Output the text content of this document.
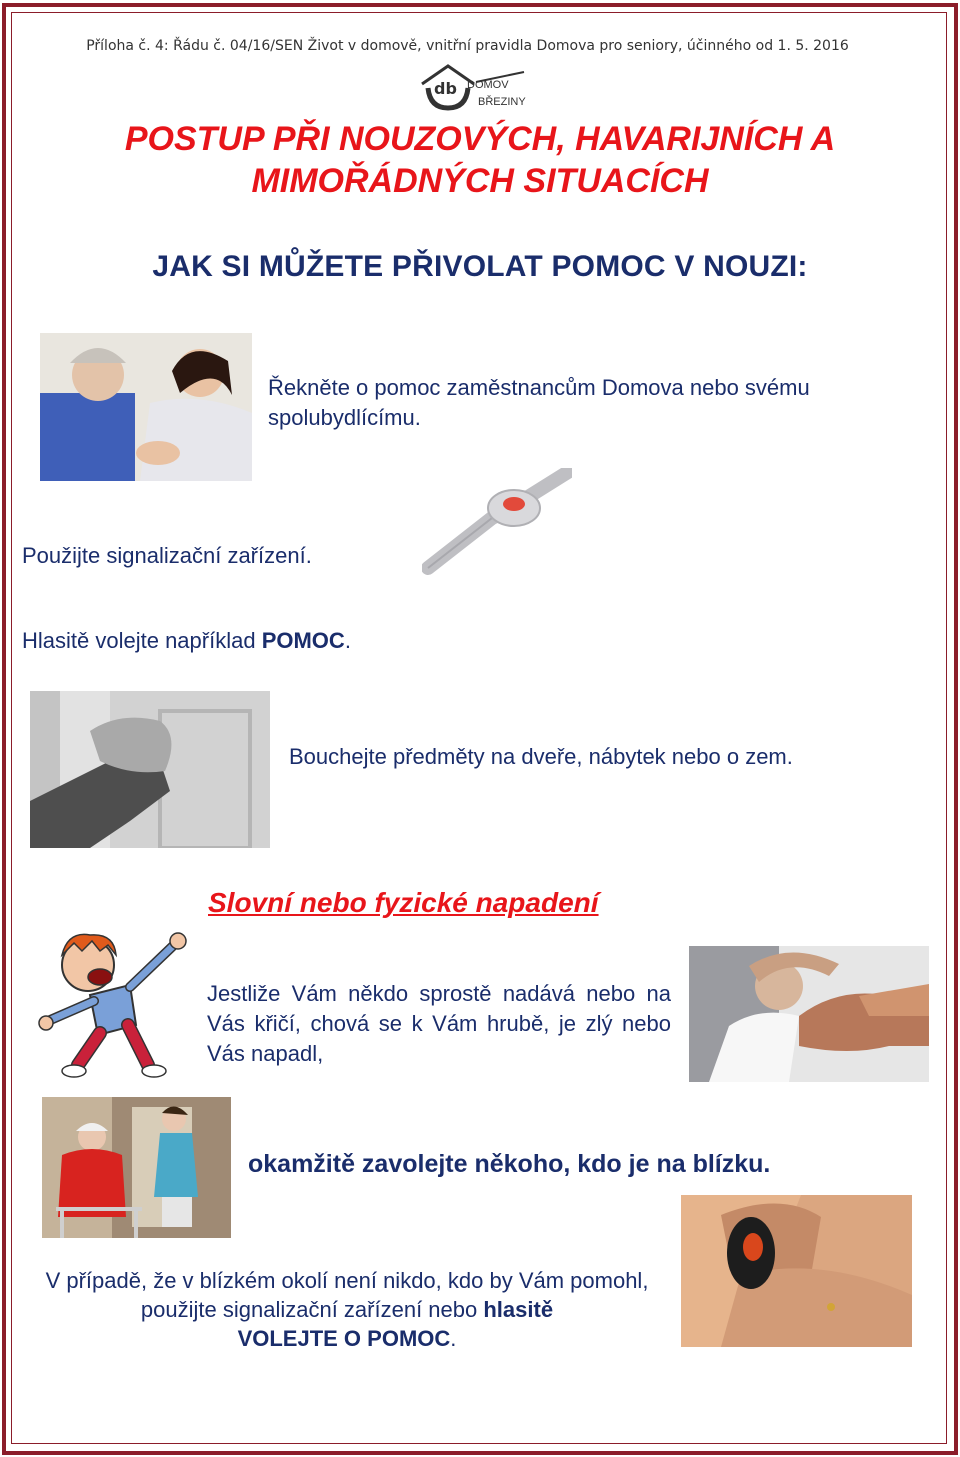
Příloha č. 4: Řádu č. 04/16/SEN Život v domově, vnitřní pravidla Domova pro seniory, účinného od 1. 5. 2016
db DOMOV
BŘEZINY
POSTUP PŘI NOUZOVÝCH, HAVARIJNÍCH A
MIMOŘÁDNÝCH SITUACÍCH
JAK SI MŮŽETE PŘIVOLAT POMOC V NOUZI:
Řekněte o pomoc zaměstnancům Domova nebo svému spolubydlícímu.
Použijte signalizační zařízení.
Hlasitě volejte například POMOC.
Bouchejte předměty na dveře, nábytek nebo o zem.
Slovní nebo fyzické napadení
Jestliže Vám někdo sprostě nadává nebo na Vás křičí, chová se k Vám hrubě, je zlý nebo Vás napadl,
okamžitě zavolejte někoho, kdo je na blízku.
V případě, že v blízkém okolí není nikdo, kdo by Vám pomohl, použijte signalizační zařízení nebo hlasitě
VOLEJTE O POMOC.
